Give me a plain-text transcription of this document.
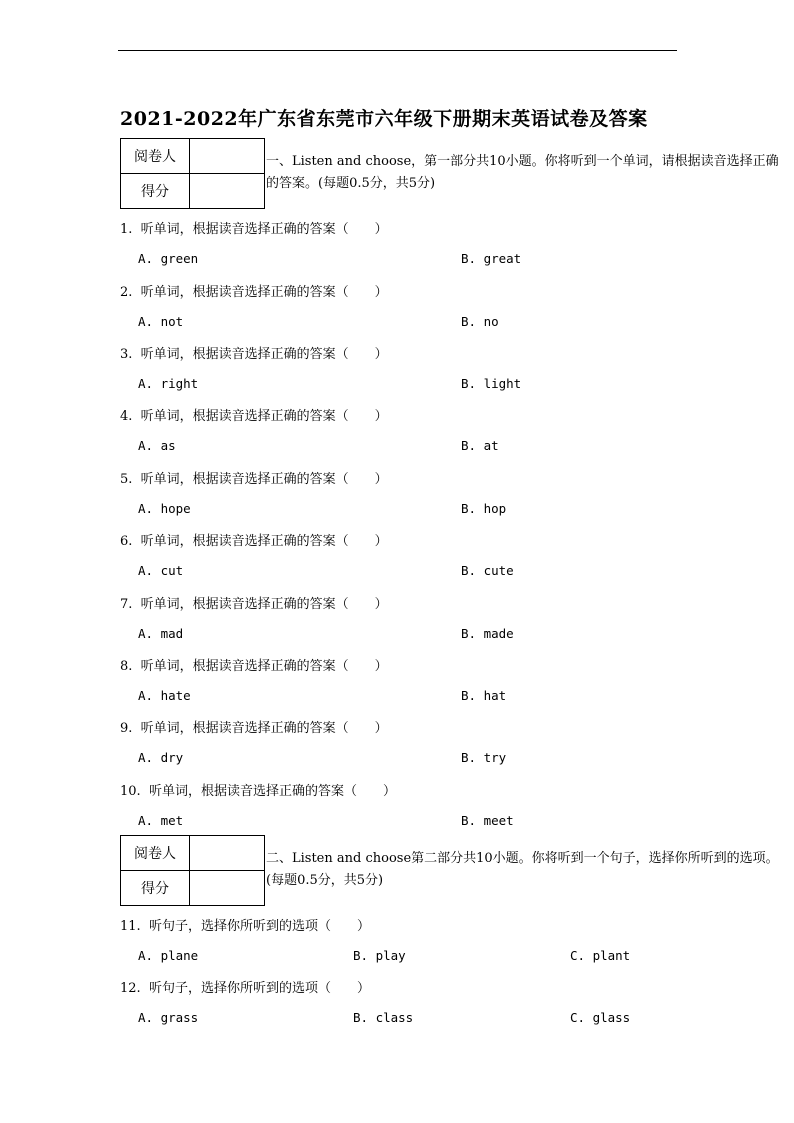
2021-2022年广东省东莞市六年级下册期末英语试卷及答案
阅卷人	
得分	
一、Listen and choose，第一部分共10小题。你将听到一个单词，请根据读音选择正确的答案。(每题0.5分，共5分)
1. 听单词，根据读音选择正确的答案（　　）
A. green	B. great
2. 听单词，根据读音选择正确的答案（　　）
A. not	B. no
3. 听单词，根据读音选择正确的答案（　　）
A. right	B. light
4. 听单词，根据读音选择正确的答案（　　）
A. as	B. at
5. 听单词，根据读音选择正确的答案（　　）
A. hope	B. hop
6. 听单词，根据读音选择正确的答案（　　）
A. cut	B. cute
7. 听单词，根据读音选择正确的答案（　　）
A. mad	B. made
8. 听单词，根据读音选择正确的答案（　　）
A. hate	B. hat
9. 听单词，根据读音选择正确的答案（　　）
A. dry	B. try
10. 听单词，根据读音选择正确的答案（　　）
A. met	B. meet
阅卷人	
得分	
二、Listen and choose第二部分共10小题。你将听到一个句子，选择你所听到的选项。(每题0.5分，共5分)
11. 听句子，选择你所听到的选项（　　）
A. plane	B. play	C. plant
12. 听句子，选择你所听到的选项（　　）
A. grass	B. class	C. glass
